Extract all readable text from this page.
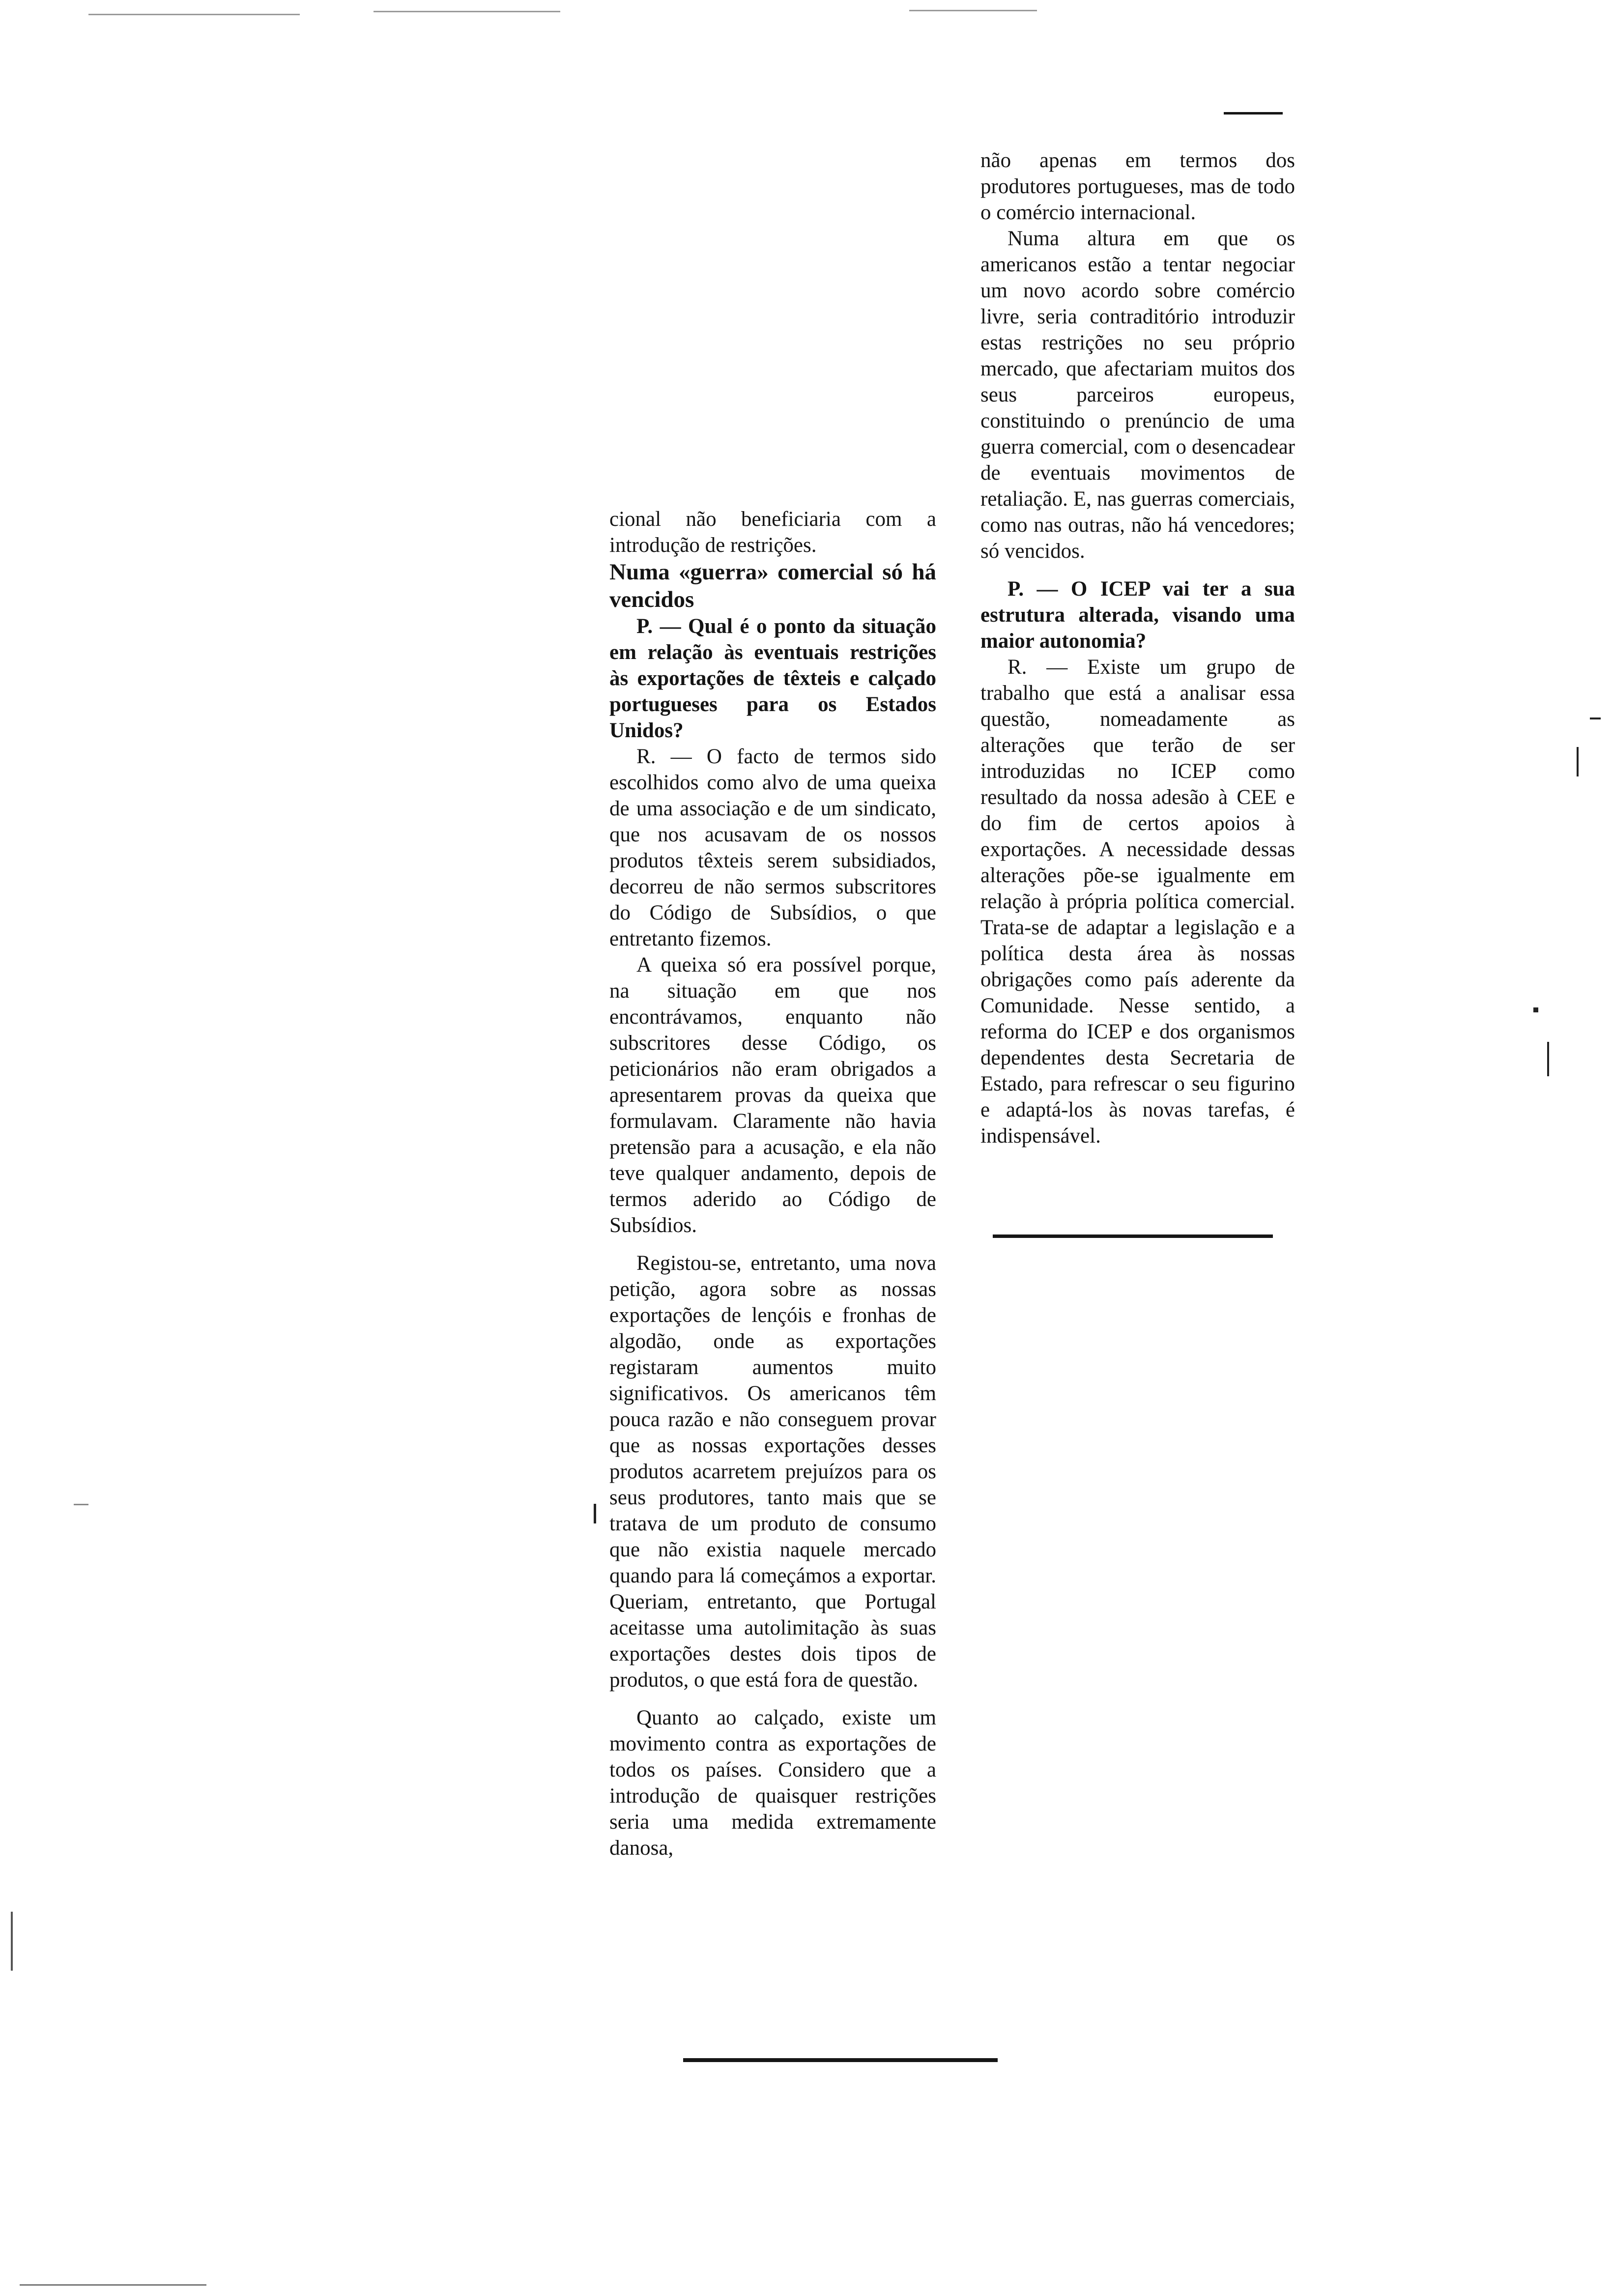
não apenas em termos dos produtores portugueses, mas de todo o comércio internacional.

Numa altura em que os americanos estão a tentar negociar um novo acordo sobre comércio livre, seria contraditório introduzir estas restrições no seu próprio mercado, que afectariam muitos dos seus parceiros europeus, constituindo o prenúncio de uma guerra comercial, com o desencadear de eventuais movimentos de retaliação. E, nas guerras comerciais, como nas outras, não há vencedores; só vencidos.

P. — O ICEP vai ter a sua estrutura alterada, visando uma maior autonomia?

R. — Existe um grupo de trabalho que está a analisar essa questão, nomeadamente as alterações que terão de ser introduzidas no ICEP como resultado da nossa adesão à CEE e do fim de certos apoios à exportações. A necessidade dessas alterações põe-se igualmente em relação à própria política comercial. Trata-se de adaptar a legislação e a política desta área às nossas obrigações como país aderente da Comunidade. Nesse sentido, a reforma do ICEP e dos organismos dependentes desta Secretaria de Estado, para refrescar o seu figurino e adaptá-los às novas tarefas, é indispensável.

cional não beneficiaria com a introdução de restrições.

Numa «guerra» comercial só há vencidos

P. — Qual é o ponto da situação em relação às eventuais restrições às exportações de têxteis e calçado portugueses para os Estados Unidos?

R. — O facto de termos sido escolhidos como alvo de uma queixa de uma associação e de um sindicato, que nos acusavam de os nossos produtos têxteis serem subsidiados, decorreu de não sermos subscritores do Código de Subsídios, o que entretanto fizemos.

A queixa só era possível porque, na situação em que nos encontrávamos, enquanto não subscritores desse Código, os peticionários não eram obrigados a apresentarem provas da queixa que formulavam. Claramente não havia pretensão para a acusação, e ela não teve qualquer andamento, depois de termos aderido ao Código de Subsídios.

Registou-se, entretanto, uma nova petição, agora sobre as nossas exportações de lençóis e fronhas de algodão, onde as exportações registaram aumentos muito significativos. Os americanos têm pouca razão e não conseguem provar que as nossas exportações desses produtos acarretem prejuízos para os seus produtores, tanto mais que se tratava de um produto de consumo que não existia naquele mercado quando para lá começámos a exportar. Queriam, entretanto, que Portugal aceitasse uma autolimitação às suas exportações destes dois tipos de produtos, o que está fora de questão.

Quanto ao calçado, existe um movimento contra as exportações de todos os países. Considero que a introdução de quaisquer restrições seria uma medida extremamente danosa,
